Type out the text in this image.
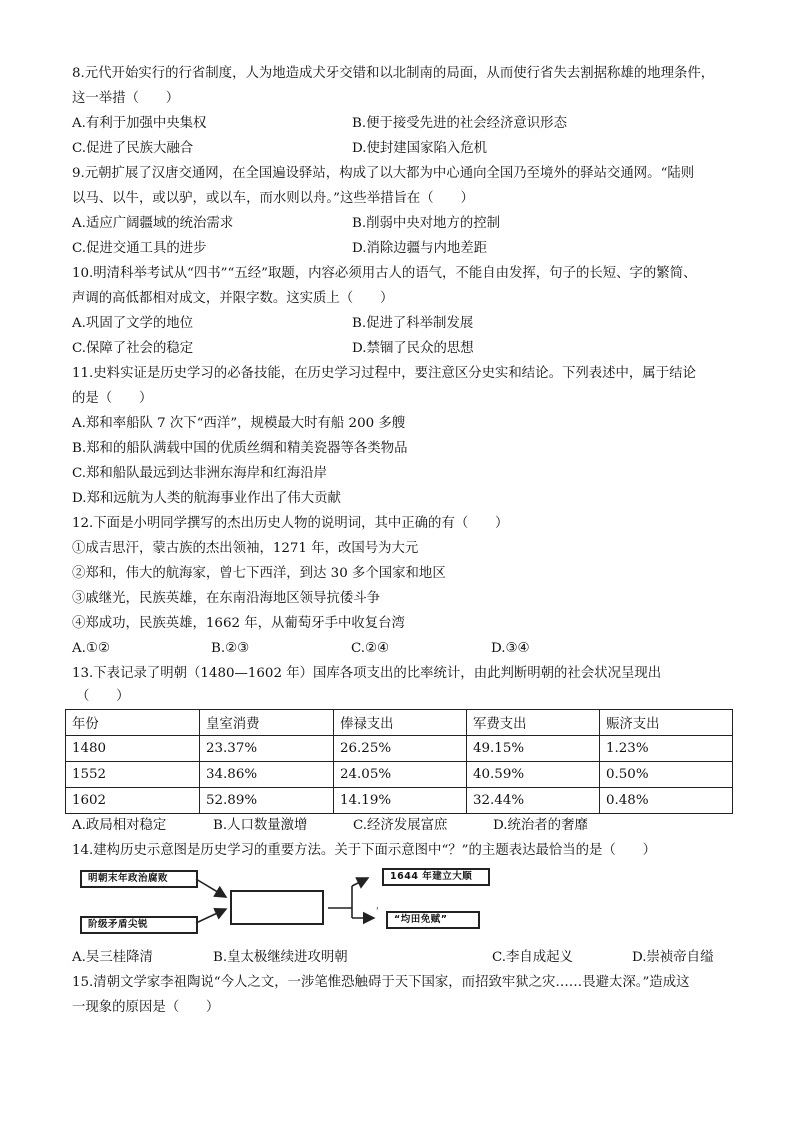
8.元代开始实行的行省制度，人为地造成犬牙交错和以北制南的局面，从而使行省失去割据称雄的地理条件，
这一举措（　　）
A.有利于加强中央集权	B.便于接受先进的社会经济意识形态
C.促进了民族大融合	D.使封建国家陷入危机
9.元朝扩展了汉唐交通网，在全国遍设驿站，构成了以大都为中心通向全国乃至境外的驿站交通网。“陆则
以马、以牛，或以驴，或以车，而水则以舟。”这些举措旨在（　　）
A.适应广阔疆域的统治需求	B.削弱中央对地方的控制
C.促进交通工具的进步	D.消除边疆与内地差距
10.明清科举考试从“四书”“五经”取题，内容必须用古人的语气，不能自由发挥，句子的长短、字的繁简、
声调的高低都相对成文，并限字数。这实质上（　　）
A.巩固了文学的地位	B.促进了科举制发展
C.保障了社会的稳定	D.禁锢了民众的思想
11.史料实证是历史学习的必备技能，在历史学习过程中，要注意区分史实和结论。下列表述中，属于结论
的是（　　）
A.郑和率船队 7 次下“西洋”，规模最大时有船 200 多艘
B.郑和的船队满载中国的优质丝绸和精美瓷器等各类物品
C.郑和船队最远到达非洲东海岸和红海沿岸
D.郑和远航为人类的航海事业作出了伟大贡献
12.下面是小明同学撰写的杰出历史人物的说明词，其中正确的有（　　）
①成吉思汗，蒙古族的杰出领袖，1271 年，改国号为大元
②郑和，伟大的航海家，曾七下西洋，到达 30 多个国家和地区
③戚继光，民族英雄，在东南沿海地区领导抗倭斗争
④郑成功，民族英雄，1662 年，从葡萄牙手中收复台湾
A.①②	B.②③	C.②④	D.③④
13.下表记录了明朝（1480—1602 年）国库各项支出的比率统计，由此判断明朝的社会状况呈现出
（　　）
年份	皇室消费	俸禄支出	军费支出	赈济支出
1480	23.37%	26.25%	49.15%	1.23%
1552	34.86%	24.05%	40.59%	0.50%
1602	52.89%	14.19%	32.44%	0.48%
A.政局相对稳定	B.人口数量激增	C.经济发展富庶	D.统治者的奢靡
14.建构历史示意图是历史学习的重要方法。关于下面示意图中“？”的主题表达最恰当的是（　　）
'
明朝末年政治腐败
阶级矛盾尖锐
1644 年建立大顺
“均田免赋”
A.吴三桂降清	B.皇太极继续进攻明朝	C.李自成起义	D.崇祯帝自缢
15.清朝文学家李祖陶说“今人之文，一涉笔惟恐触碍于天下国家，而招致牢狱之灾……畏避太深。”造成这
一现象的原因是（　　）
